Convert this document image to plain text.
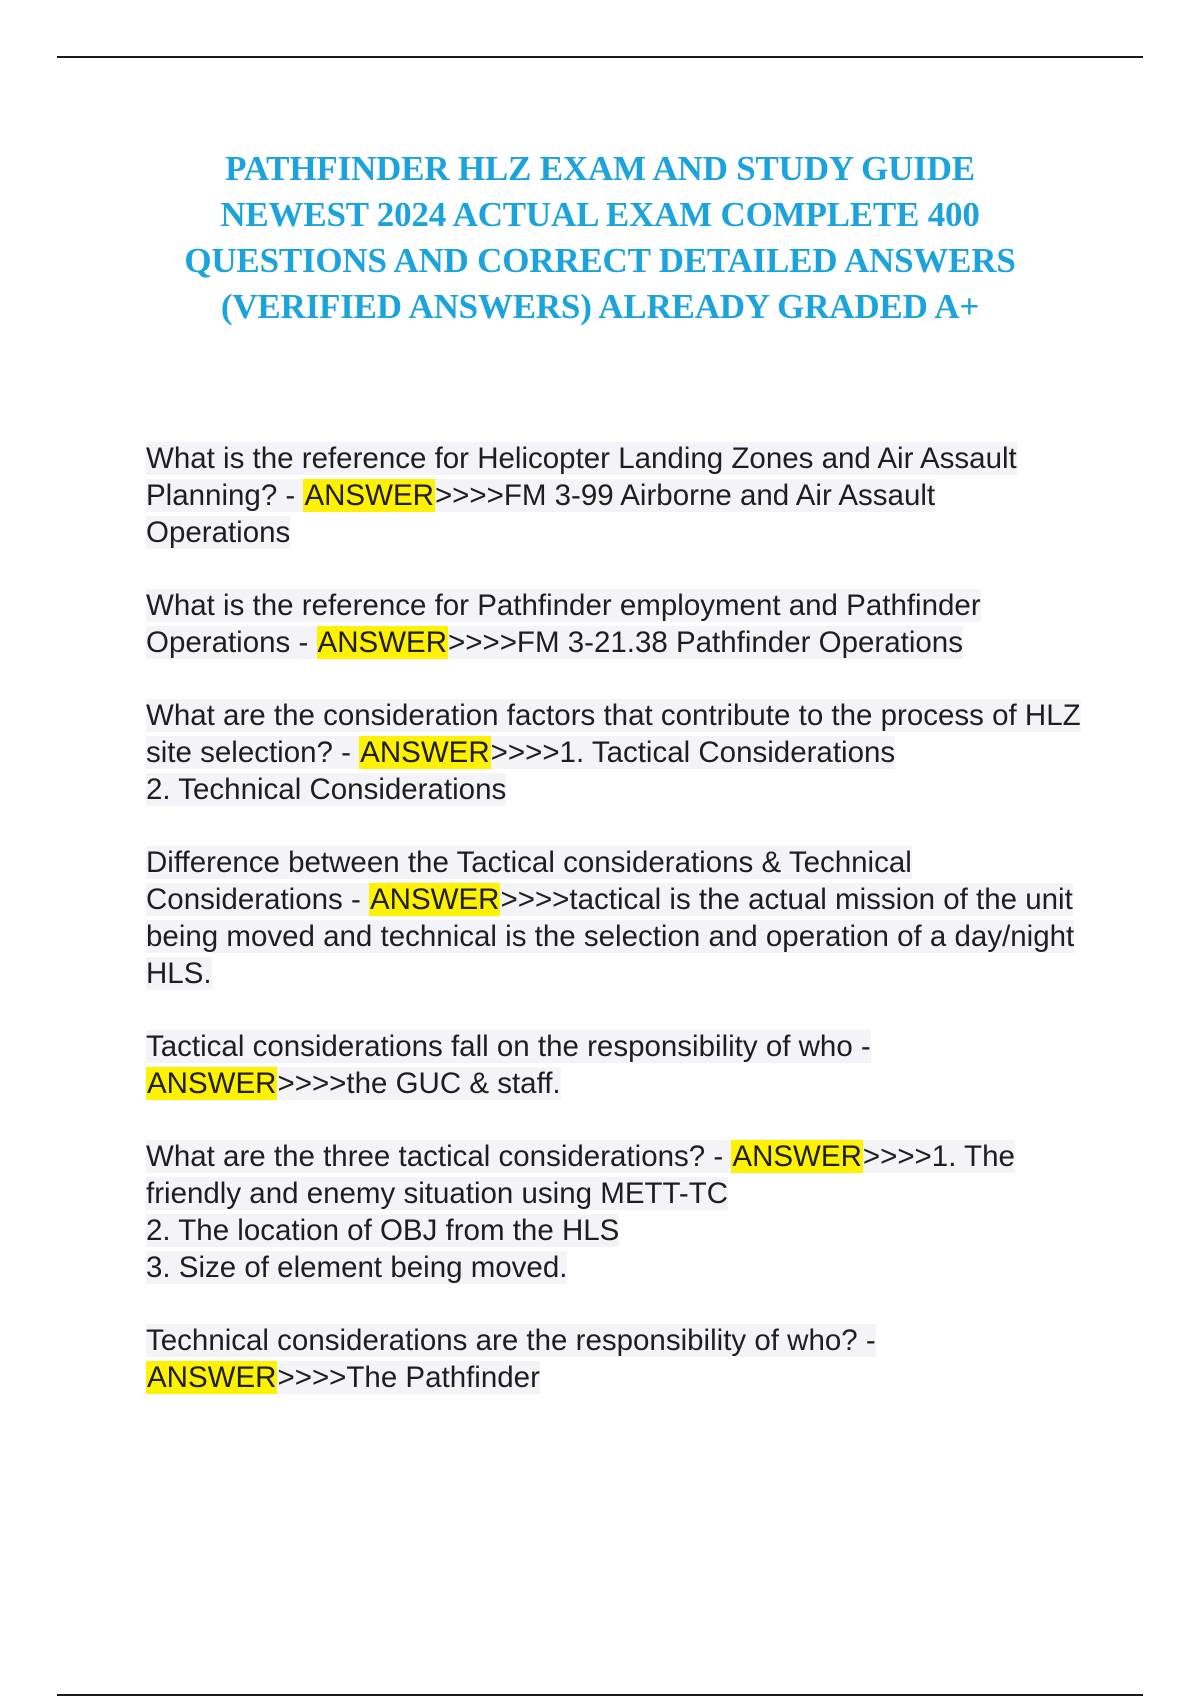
PATHFINDER HLZ EXAM AND STUDY GUIDE
NEWEST 2024 ACTUAL EXAM COMPLETE 400
QUESTIONS AND CORRECT DETAILED ANSWERS
(VERIFIED ANSWERS) ALREADY GRADED A+

What is the reference for Helicopter Landing Zones and Air Assault Planning? - ANSWER>>>>FM 3-99 Airborne and Air Assault Operations

What is the reference for Pathfinder employment and Pathfinder Operations - ANSWER>>>>FM 3-21.38 Pathfinder Operations

What are the consideration factors that contribute to the process of HLZ site selection? - ANSWER>>>>1. Tactical Considerations
2. Technical Considerations

Difference between the Tactical considerations & Technical Considerations - ANSWER>>>>tactical is the actual mission of the unit being moved and technical is the selection and operation of a day/night HLS.

Tactical considerations fall on the responsibility of who - ANSWER>>>>the GUC & staff.

What are the three tactical considerations? - ANSWER>>>>1. The friendly and enemy situation using METT-TC
2. The location of OBJ from the HLS
3. Size of element being moved.

Technical considerations are the responsibility of who? - ANSWER>>>>The Pathfinder
